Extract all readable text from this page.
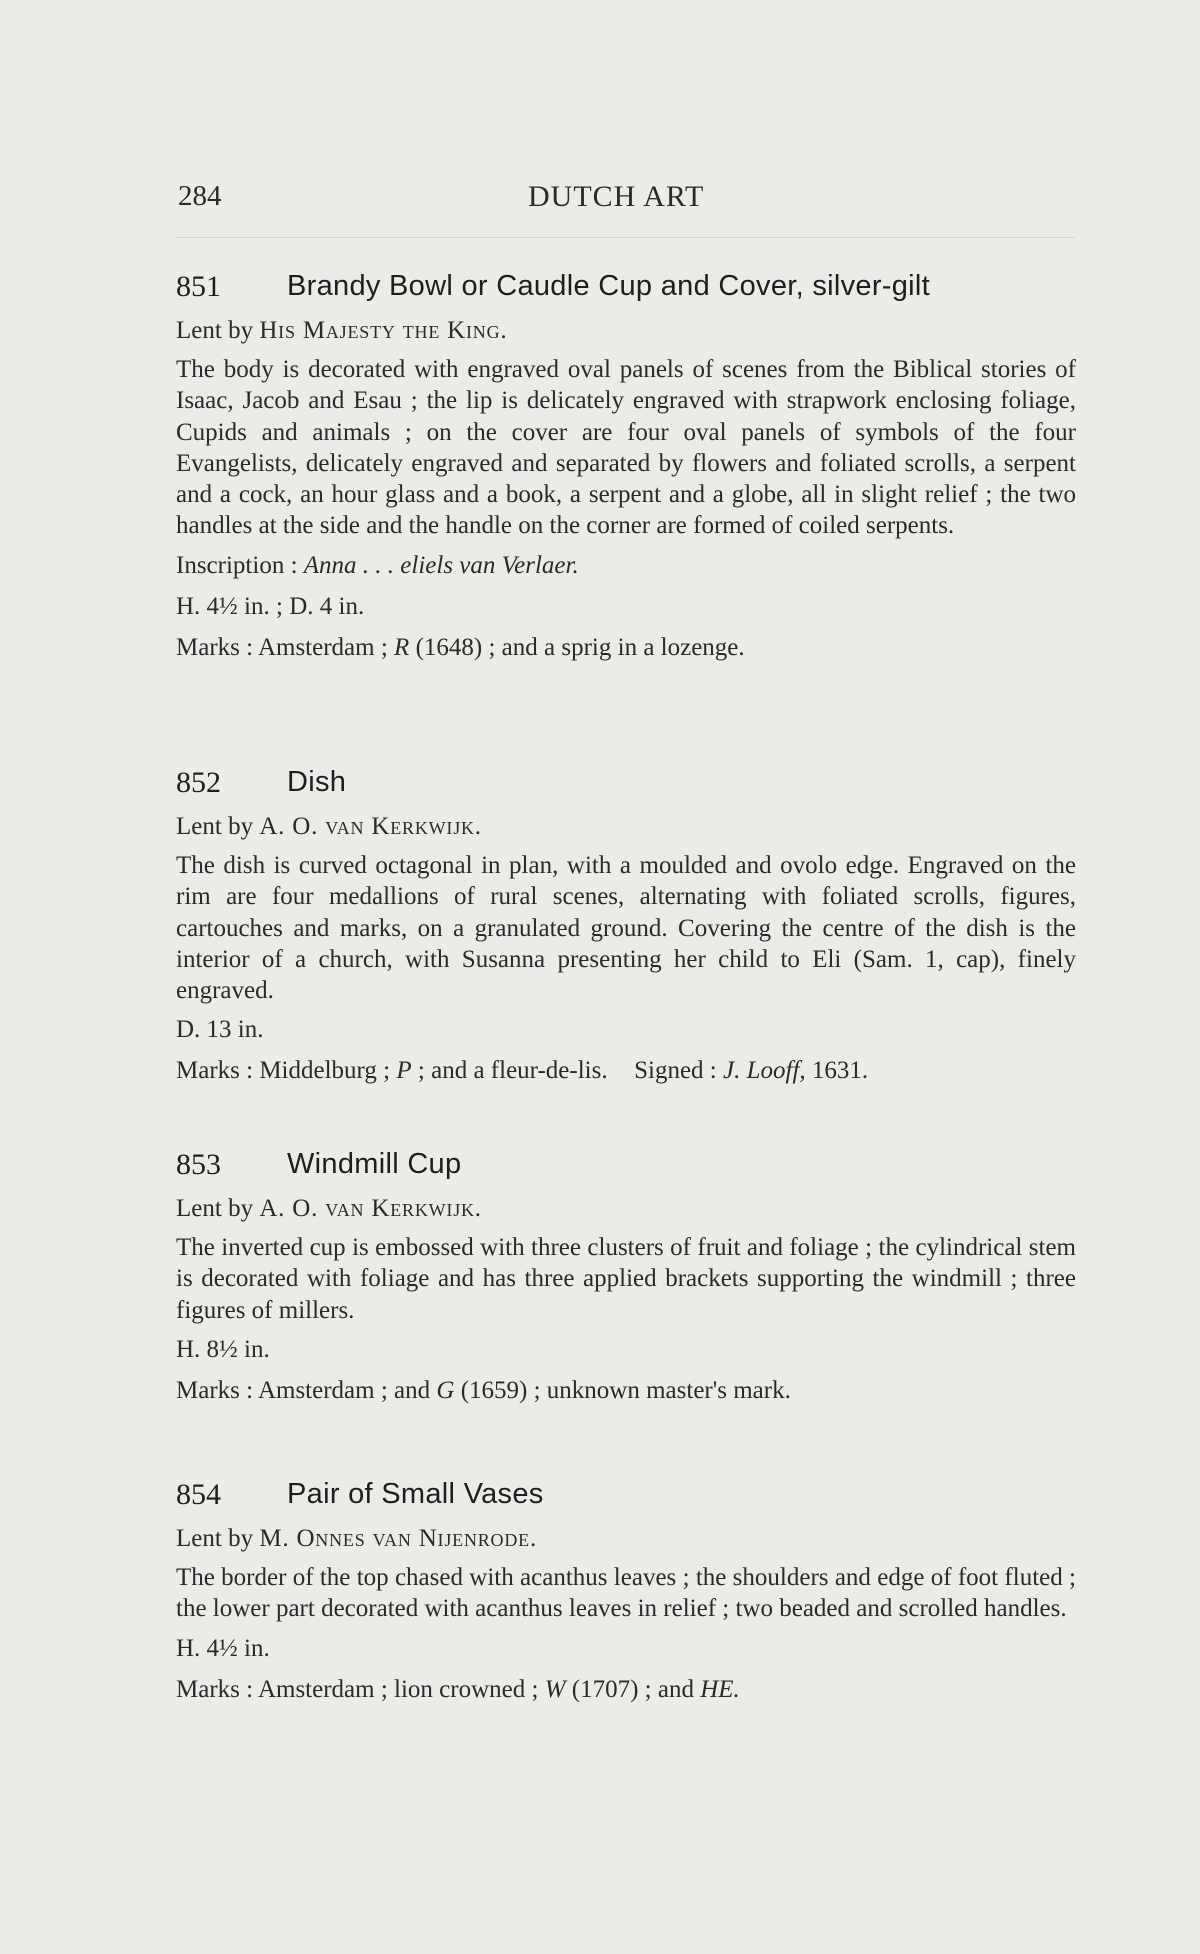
284	DUTCH ART
851 Brandy Bowl or Caudle Cup and Cover, silver-gilt
Lent by His Majesty the King.
The body is decorated with engraved oval panels of scenes from the Biblical stories of Isaac, Jacob and Esau ; the lip is delicately engraved with strapwork enclosing foliage, Cupids and animals ; on the cover are four oval panels of symbols of the four Evangelists, delicately engraved and separated by flowers and foliated scrolls, a serpent and a cock, an hour glass and a book, a serpent and a globe, all in slight relief ; the two handles at the side and the handle on the corner are formed of coiled serpents.
Inscription : Anna . . . eliels van Verlaer.
H. 4½ in. ; D. 4 in.
Marks : Amsterdam ; R (1648) ; and a sprig in a lozenge.
852 Dish
Lent by A. O. van Kerkwijk.
The dish is curved octagonal in plan, with a moulded and ovolo edge. Engraved on the rim are four medallions of rural scenes, alternating with foliated scrolls, figures, cartouches and marks, on a granulated ground. Covering the centre of the dish is the interior of a church, with Susanna presenting her child to Eli (Sam. 1, cap), finely engraved.
D. 13 in.
Marks : Middelburg ; P ; and a fleur-de-lis. Signed : J. Looff, 1631.
853 Windmill Cup
Lent by A. O. van Kerkwijk.
The inverted cup is embossed with three clusters of fruit and foliage ; the cylindrical stem is decorated with foliage and has three applied brackets supporting the windmill ; three figures of millers.
H. 8½ in.
Marks : Amsterdam ; and G (1659) ; unknown master's mark.
854 Pair of Small Vases
Lent by M. Onnes van Nijenrode.
The border of the top chased with acanthus leaves ; the shoulders and edge of foot fluted ; the lower part decorated with acanthus leaves in relief ; two beaded and scrolled handles.
H. 4½ in.
Marks : Amsterdam ; lion crowned ; W (1707) ; and HE.
